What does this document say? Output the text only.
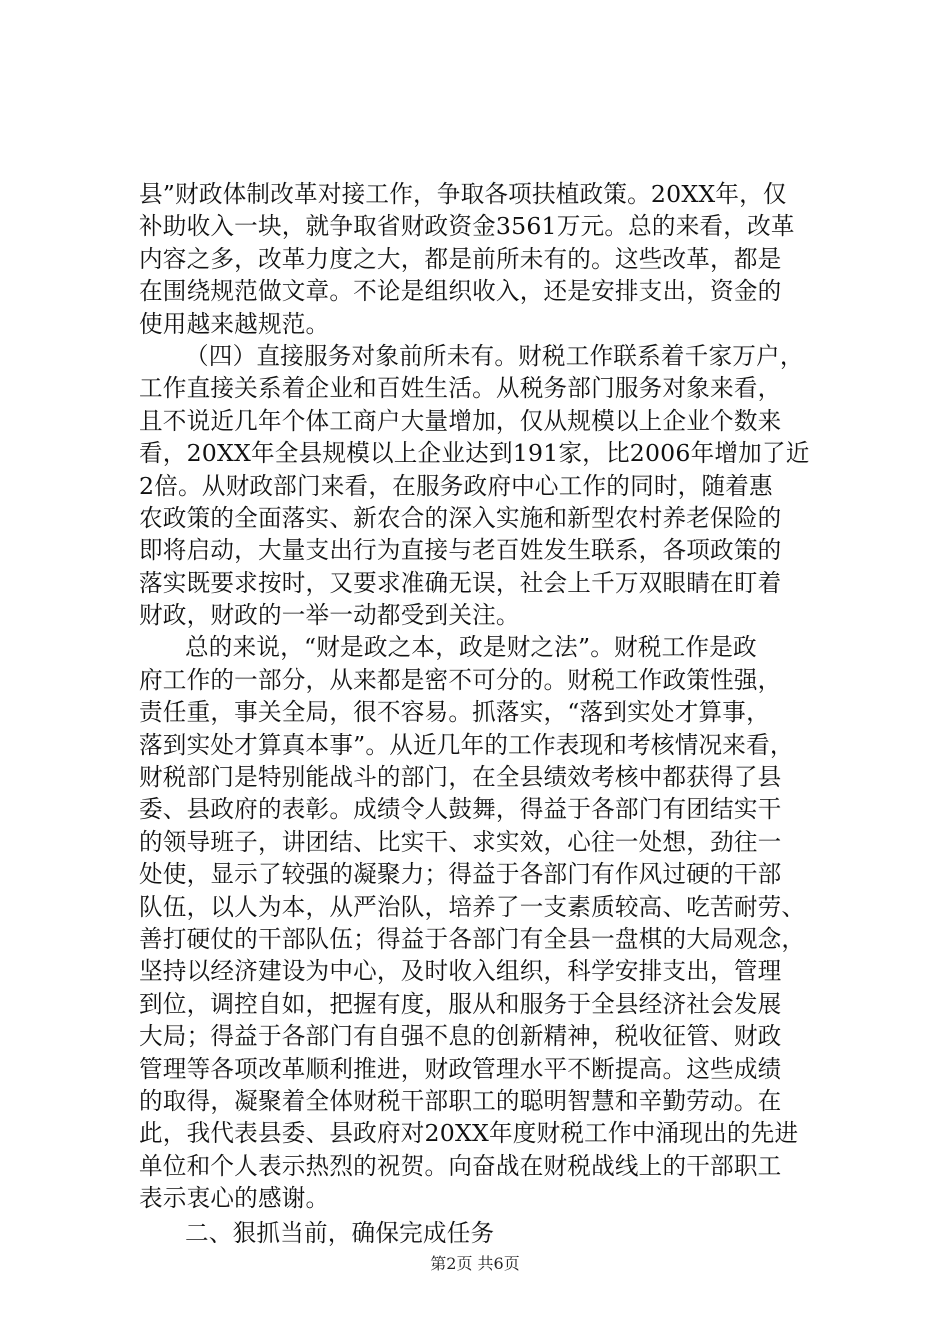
县”财政体制改革对接工作，争取各项扶植政策。20XX年，仅
补助收入一块，就争取省财政资金3561万元。总的来看，改革
内容之多，改革力度之大，都是前所未有的。这些改革，都是
在围绕规范做文章。不论是组织收入，还是安排支出，资金的
使用越来越规范。
（四）直接服务对象前所未有。财税工作联系着千家万户，
工作直接关系着企业和百姓生活。从税务部门服务对象来看，
且不说近几年个体工商户大量增加，仅从规模以上企业个数来
看，20XX年全县规模以上企业达到191家，比2006年增加了近
2倍。从财政部门来看，在服务政府中心工作的同时，随着惠
农政策的全面落实、新农合的深入实施和新型农村养老保险的
即将启动，大量支出行为直接与老百姓发生联系，各项政策的
落实既要求按时，又要求准确无误，社会上千万双眼睛在盯着
财政，财政的一举一动都受到关注。
总的来说，“财是政之本，政是财之法”。财税工作是政
府工作的一部分，从来都是密不可分的。财税工作政策性强，
责任重，事关全局，很不容易。抓落实，“落到实处才算事，
落到实处才算真本事”。从近几年的工作表现和考核情况来看，
财税部门是特别能战斗的部门，在全县绩效考核中都获得了县
委、县政府的表彰。成绩令人鼓舞，得益于各部门有团结实干
的领导班子，讲团结、比实干、求实效，心往一处想，劲往一
处使，显示了较强的凝聚力；得益于各部门有作风过硬的干部
队伍，以人为本，从严治队，培养了一支素质较高、吃苦耐劳、
善打硬仗的干部队伍；得益于各部门有全县一盘棋的大局观念，
坚持以经济建设为中心，及时收入组织，科学安排支出，管理
到位，调控自如，把握有度，服从和服务于全县经济社会发展
大局；得益于各部门有自强不息的创新精神，税收征管、财政
管理等各项改革顺利推进，财政管理水平不断提高。这些成绩
的取得，凝聚着全体财税干部职工的聪明智慧和辛勤劳动。在
此，我代表县委、县政府对20XX年度财税工作中涌现出的先进
单位和个人表示热烈的祝贺。向奋战在财税战线上的干部职工
表示衷心的感谢。
二、狠抓当前，确保完成任务
第2页 共6页
